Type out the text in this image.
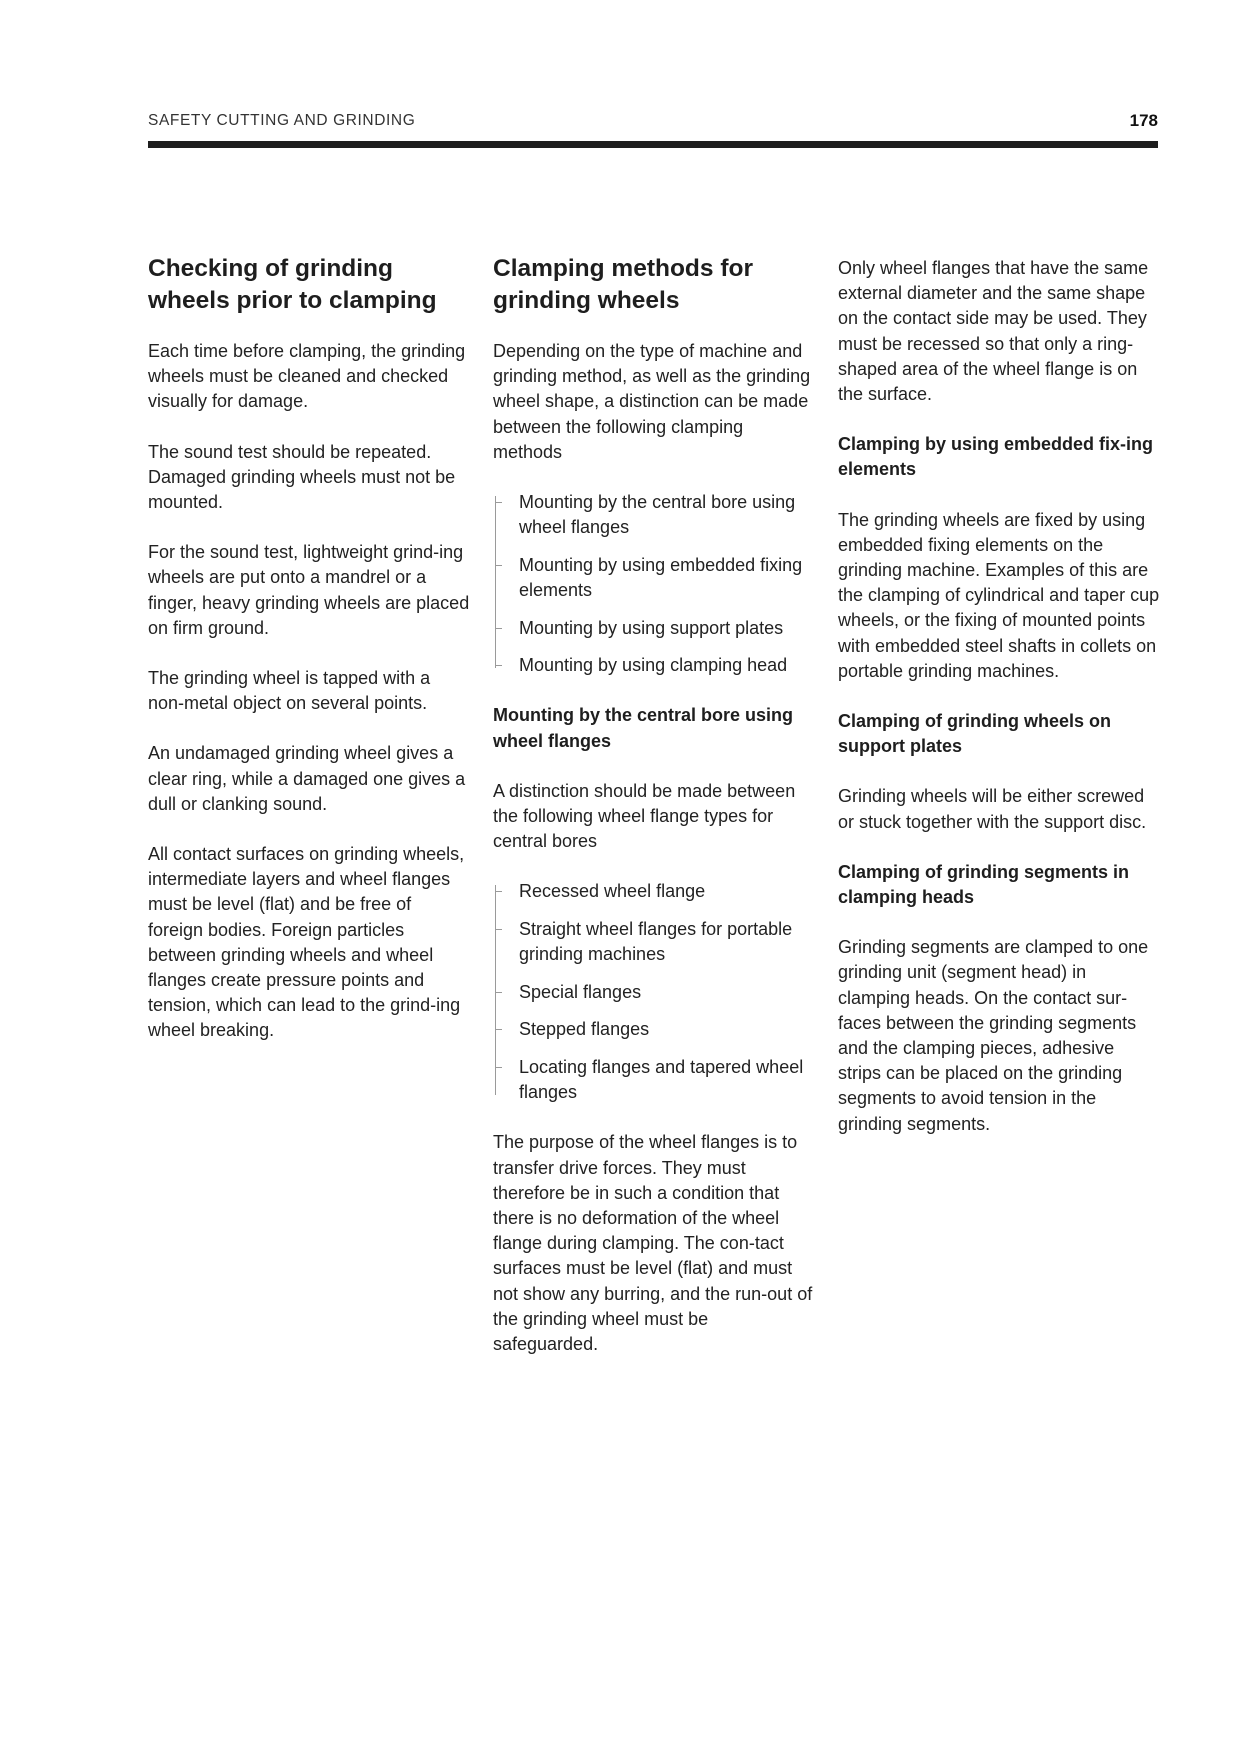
SAFETY CUTTING AND GRINDING	178
Checking of grinding wheels prior to clamping

Each time before clamping, the grinding wheels must be cleaned and checked visually for damage.

The sound test should be repeated. Damaged grinding wheels must not be mounted.

For the sound test, lightweight grind-ing wheels are put onto a mandrel or a finger, heavy grinding wheels are placed on firm ground.

The grinding wheel is tapped with a non-metal object on several points.

An undamaged grinding wheel gives a clear ring, while a damaged one gives a dull or clanking sound.

All contact surfaces on grinding wheels, intermediate layers and wheel flanges must be level (flat) and be free of foreign bodies. Foreign particles between grinding wheels and wheel flanges create pressure points and tension, which can lead to the grind-ing wheel breaking.

Clamping methods for grinding wheels

Depending on the type of machine and grinding method, as well as the grinding wheel shape, a distinction can be made between the following clamping methods

Mounting by the central bore using wheel flanges
Mounting by using embedded fixing elements
Mounting by using support plates
Mounting by using clamping head
Mounting by the central bore using wheel flanges

A distinction should be made between the following wheel flange types for central bores

Recessed wheel flange
Straight wheel flanges for portable grinding machines
Special flanges
Stepped flanges
Locating flanges and tapered wheel flanges

The purpose of the wheel flanges is to transfer drive forces. They must therefore be in such a condition that there is no deformation of the wheel flange during clamping. The con-tact surfaces must be level (flat) and must not show any burring, and the run-out of the grinding wheel must be safeguarded.

Only wheel flanges that have the same external diameter and the same shape on the contact side may be used. They must be recessed so that only a ring-shaped area of the wheel flange is on the surface.

Clamping by using embedded fix-ing elements

The grinding wheels are fixed by using embedded fixing elements on the grinding machine. Examples of this are the clamping of cylindrical and taper cup wheels, or the fixing of mounted points with embedded steel shafts in collets on portable grinding machines.

Clamping of grinding wheels on support plates

Grinding wheels will be either screwed or stuck together with the support disc.

Clamping of grinding segments in clamping heads

Grinding segments are clamped to one grinding unit (segment head) in clamping heads. On the contact sur-faces between the grinding segments and the clamping pieces, adhesive strips can be placed on the grinding segments to avoid tension in the grinding segments.
